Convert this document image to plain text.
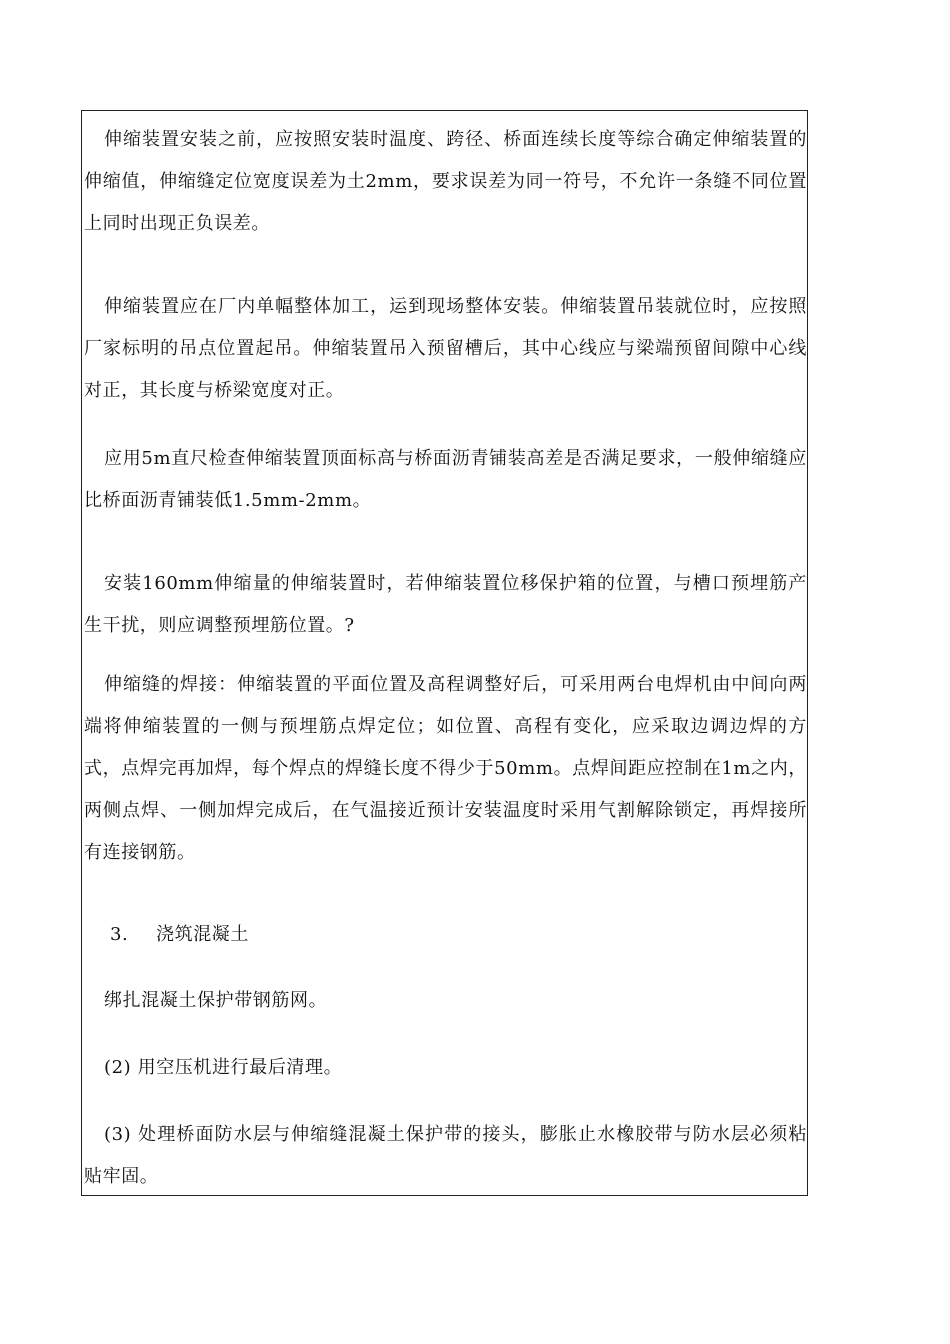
伸缩装置安装之前，应按照安装时温度、跨径、桥面连续长度等综合确定伸缩装置的伸缩值，伸缩缝定位宽度误差为土2mm，要求误差为同一符号，不允许一条缝不同位置上同时出现正负误差。

伸缩装置应在厂内单幅整体加工，运到现场整体安装。伸缩装置吊装就位时，应按照厂家标明的吊点位置起吊。伸缩装置吊入预留槽后，其中心线应与梁端预留间隙中心线对正，其长度与桥梁宽度对正。

应用5m直尺检查伸缩装置顶面标高与桥面沥青铺装高差是否满足要求，一般伸缩缝应比桥面沥青铺装低1.5mm-2mm。

安装160mm伸缩量的伸缩装置时，若伸缩装置位移保护箱的位置，与槽口预埋筋产生干扰，则应调整预埋筋位置。?

伸缩缝的焊接：伸缩装置的平面位置及高程调整好后，可采用两台电焊机由中间向两端将伸缩装置的一侧与预埋筋点焊定位；如位置、高程有变化，应采取边调边焊的方式，点焊完再加焊，每个焊点的焊缝长度不得少于50mm。点焊间距应控制在1m之内，两侧点焊、一侧加焊完成后，在气温接近预计安装温度时采用气割解除锁定，再焊接所有连接钢筋。

3. 浇筑混凝土

绑扎混凝土保护带钢筋网。

(2) 用空压机进行最后清理。

(3) 处理桥面防水层与伸缩缝混凝土保护带的接头，膨胀止水橡胶带与防水层必须粘贴牢固。
